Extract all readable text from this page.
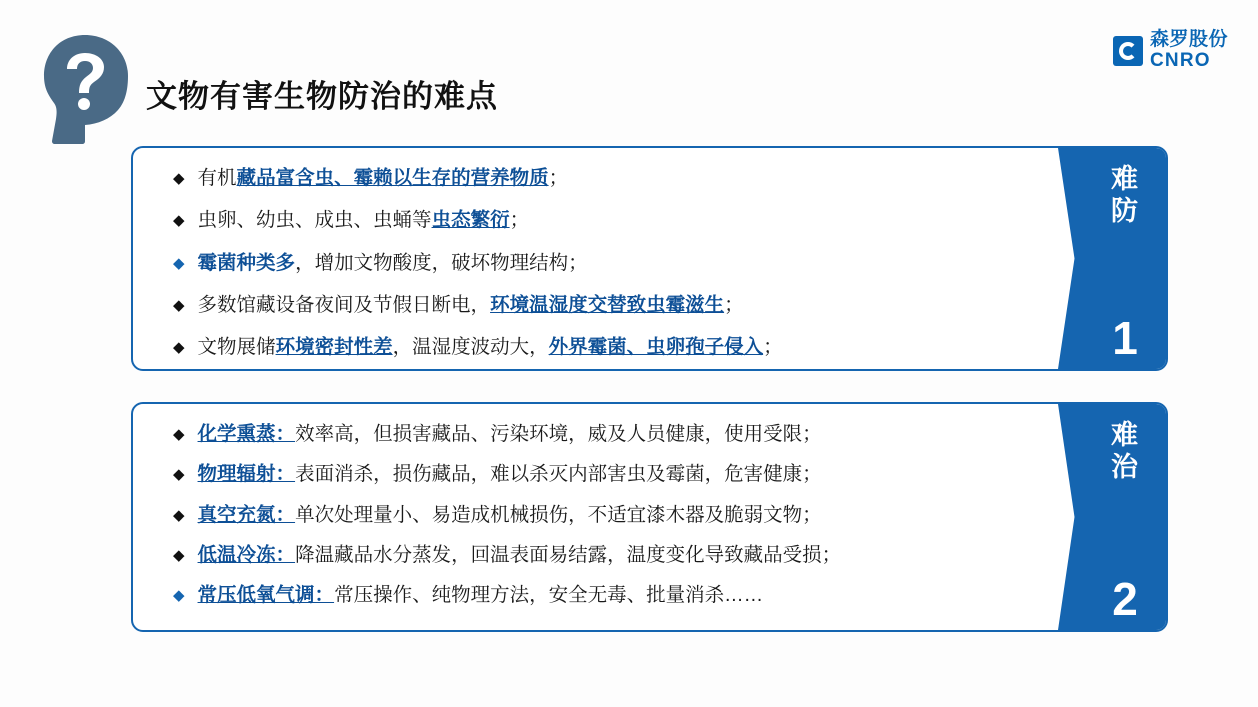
森罗股份
CNRO
文物有害生物防治的难点
◆ 有机藏品富含虫、霉赖以生存的营养物质；
◆ 虫卵、幼虫、成虫、虫蛹等虫态繁衍；
◆ 霉菌种类多，增加文物酸度，破坏物理结构；
◆ 多数馆藏设备夜间及节假日断电，环境温湿度交替致虫霉滋生；
◆ 文物展储环境密封性差，温湿度波动大，外界霉菌、虫卵孢子侵入；
难
防
1
◆ 化学熏蒸：效率高，但损害藏品、污染环境，威及人员健康，使用受限；
◆ 物理辐射：表面消杀，损伤藏品，难以杀灭内部害虫及霉菌，危害健康；
◆ 真空充氮：单次处理量小、易造成机械损伤，不适宜漆木器及脆弱文物；
◆ 低温冷冻：降温藏品水分蒸发，回温表面易结露，温度变化导致藏品受损；
◆ 常压低氧气调：常压操作、纯物理方法，安全无毒、批量消杀……
难
治
2
